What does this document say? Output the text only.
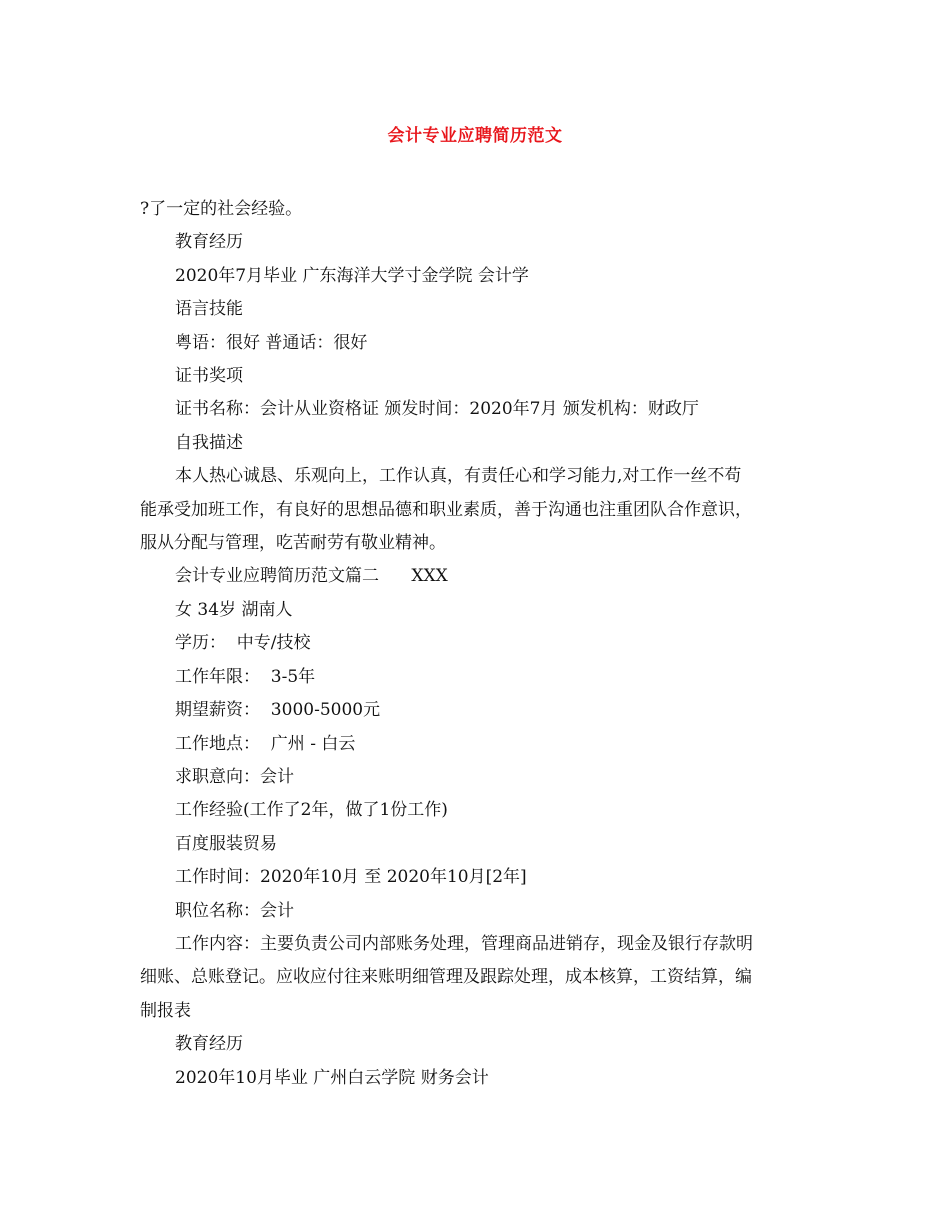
会计专业应聘简历范文
?了一定的社会经验。
教育经历
2020年7月毕业 广东海洋大学寸金学院 会计学
语言技能
粤语：很好 普通话：很好
证书奖项
证书名称：会计从业资格证 颁发时间：2020年7月 颁发机构：财政厅
自我描述
本人热心诚恳、乐观向上，工作认真，有责任心和学习能力,对工作一丝不苟
能承受加班工作，有良好的思想品德和职业素质，善于沟通也注重团队合作意识，
服从分配与管理，吃苦耐劳有敬业精神。
会计专业应聘简历范文篇二      XXX
女 34岁 湖南人
学历：  中专/技校
工作年限：  3-5年
期望薪资：  3000-5000元
工作地点：  广州 - 白云
求职意向：会计
工作经验(工作了2年，做了1份工作)
百度服装贸易
工作时间：2020年10月 至 2020年10月[2年]
职位名称：会计
工作内容：主要负责公司内部账务处理，管理商品进销存，现金及银行存款明
细账、总账登记。应收应付往来账明细管理及跟踪处理，成本核算，工资结算，编
制报表
教育经历
2020年10月毕业 广州白云学院 财务会计
